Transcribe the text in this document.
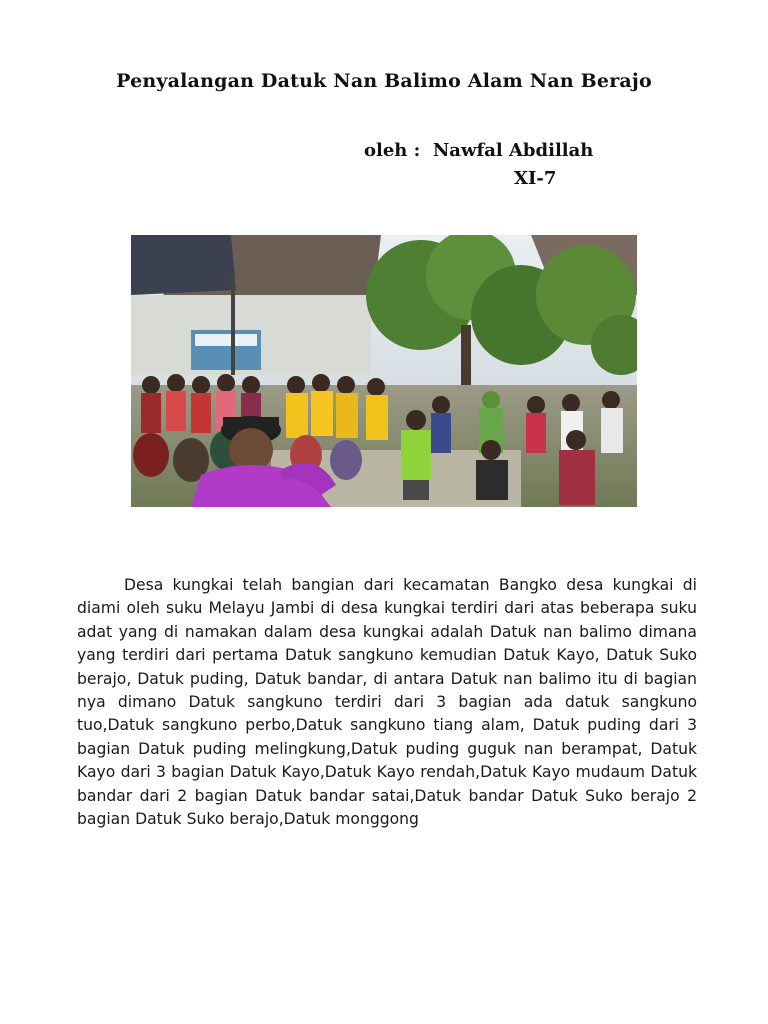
Penyalangan Datuk Nan Balimo Alam Nan Berajo

oleh : Nawfal Abdillah

XI-7

Desa kungkai telah bangian dari kecamatan Bangko desa kungkai di diami oleh suku Melayu Jambi di desa kungkai terdiri dari atas beberapa suku adat yang di namakan dalam desa kungkai adalah Datuk nan balimo dimana yang terdiri dari pertama Datuk sangkuno kemudian Datuk Kayo, Datuk Suko berajo, Datuk puding, Datuk bandar, di antara Datuk nan balimo itu di bagian nya dimano Datuk sangkuno terdiri dari 3 bagian ada datuk sangkuno tuo,Datuk sangkuno perbo,Datuk sangkuno tiang alam, Datuk puding dari 3 bagian Datuk puding melingkung,Datuk puding guguk nan berampat, Datuk Kayo dari 3 bagian Datuk Kayo,Datuk Kayo rendah,Datuk Kayo mudaum Datuk bandar dari 2 bagian Datuk bandar satai,Datuk bandar Datuk Suko berajo 2 bagian Datuk Suko berajo,Datuk monggong
